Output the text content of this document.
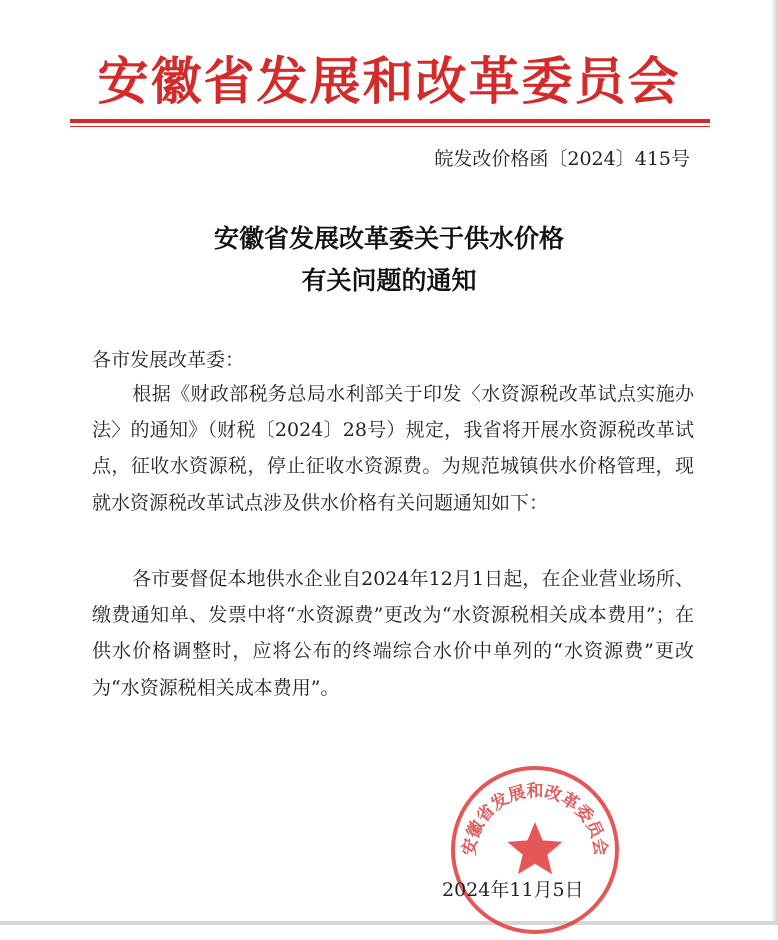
安徽省发展和改革委员会
皖发改价格函〔2024〕415号
安徽省发展改革委关于供水价格
有关问题的通知
各市发展改革委：
根据《财政部税务总局水利部关于印发〈水资源税改革试点实施办法〉的通知》（财税〔2024〕28号）规定，我省将开展水资源税改革试点，征收水资源税，停止征收水资源费。为规范城镇供水价格管理，现就水资源税改革试点涉及供水价格有关问题通知如下：
各市要督促本地供水企业自2024年12月1日起，在企业营业场所、缴费通知单、发票中将“水资源费”更改为“水资源税相关成本费用”；在供水价格调整时，应将公布的终端综合水价中单列的“水资源费”更改为“水资源税相关成本费用”。
安徽省发展和改革委员会
2024年11月5日
